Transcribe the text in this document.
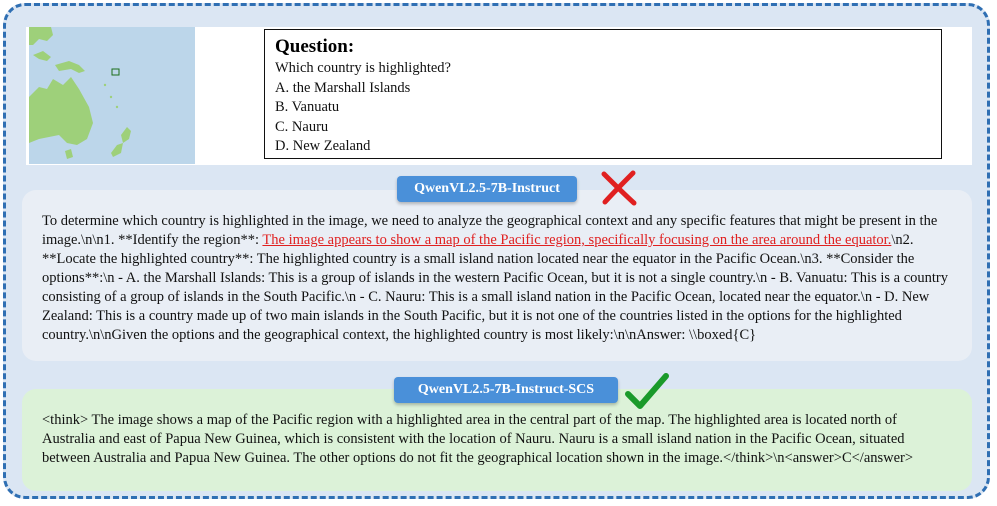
Question:
Which country is highlighted?
A. the Marshall Islands
B. Vanuatu
C. Nauru
D. New Zealand
To determine which country is highlighted in the image, we need to analyze the geographical context and any specific features that might be present in the image.\n\n1. **Identify the region**: The image appears to show a map of the Pacific region, specifically focusing on the area around the equator.\n2. **Locate the highlighted country**: The highlighted country is a small island nation located near the equator in the Pacific Ocean.\n3. **Consider the options**:\n - A. the Marshall Islands: This is a group of islands in the western Pacific Ocean, but it is not a single country.\n - B. Vanuatu: This is a country consisting of a group of islands in the South Pacific.\n - C. Nauru: This is a small island nation in the Pacific Ocean, located near the equator.\n - D. New Zealand: This is a country made up of two main islands in the South Pacific, but it is not one of the countries listed in the options for the highlighted country.\n\nGiven the options and the geographical context, the highlighted country is most likely:\n\nAnswer: \\boxed{C}
<think> The image shows a map of the Pacific region with a highlighted area in the central part of the map. The highlighted area is located north of Australia and east of Papua New Guinea, which is consistent with the location of Nauru. Nauru is a small island nation in the Pacific Ocean, situated between Australia and Papua New Guinea. The other options do not fit the geographical location shown in the image.</think>\n<answer>C</answer>
QwenVL2.5-7B-Instruct
QwenVL2.5-7B-Instruct-SCS
